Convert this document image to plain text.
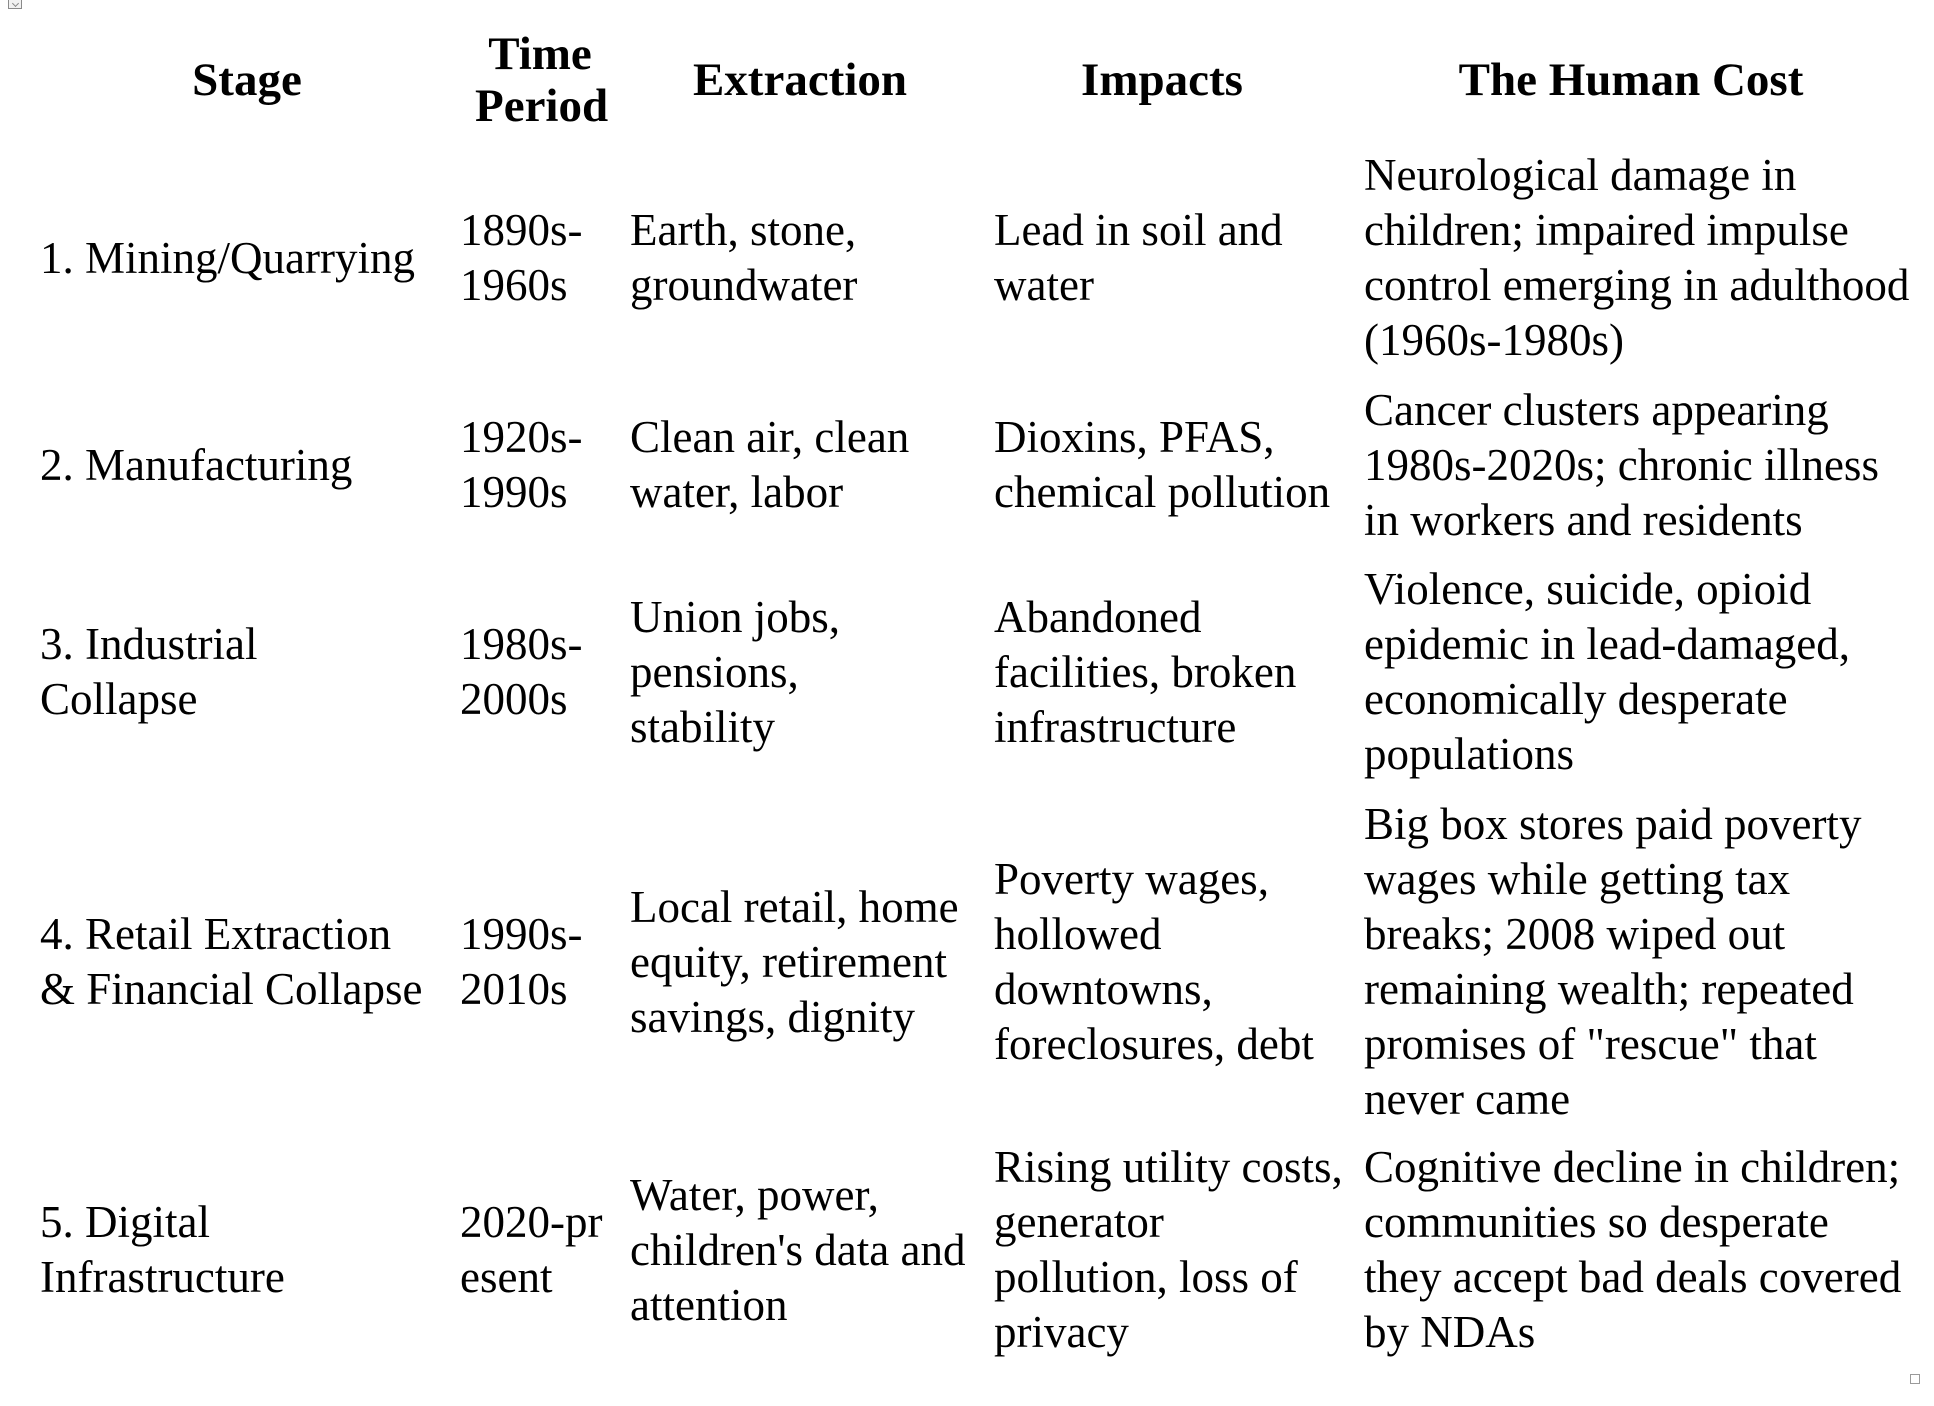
Stage	Time Period	Extraction	Impacts	The Human Cost

1. Mining/Quarrying	1890s-1960s	Earth, stone, groundwater	Lead in soil and water	Neurological damage in children; impaired impulse control emerging in adulthood (1960s-1980s)

2. Manufacturing	1920s-1990s	Clean air, clean water, labor	Dioxins, PFAS, chemical pollution	Cancer clusters appearing 1980s-2020s; chronic illness in workers and residents

3. Industrial Collapse	1980s-2000s	Union jobs, pensions, stability	Abandoned facilities, broken infrastructure	Violence, suicide, opioid epidemic in lead-damaged, economically desperate populations

4. Retail Extraction & Financial Collapse	1990s-2010s	Local retail, home equity, retirement savings, dignity	Poverty wages, hollowed downtowns, foreclosures, debt	Big box stores paid poverty wages while getting tax breaks; 2008 wiped out remaining wealth; repeated promises of "rescue" that never came

5. Digital Infrastructure	2020-present	Water, power, children's data and attention	Rising utility costs, generator pollution, loss of privacy	Cognitive decline in children; communities so desperate they accept bad deals covered by NDAs
